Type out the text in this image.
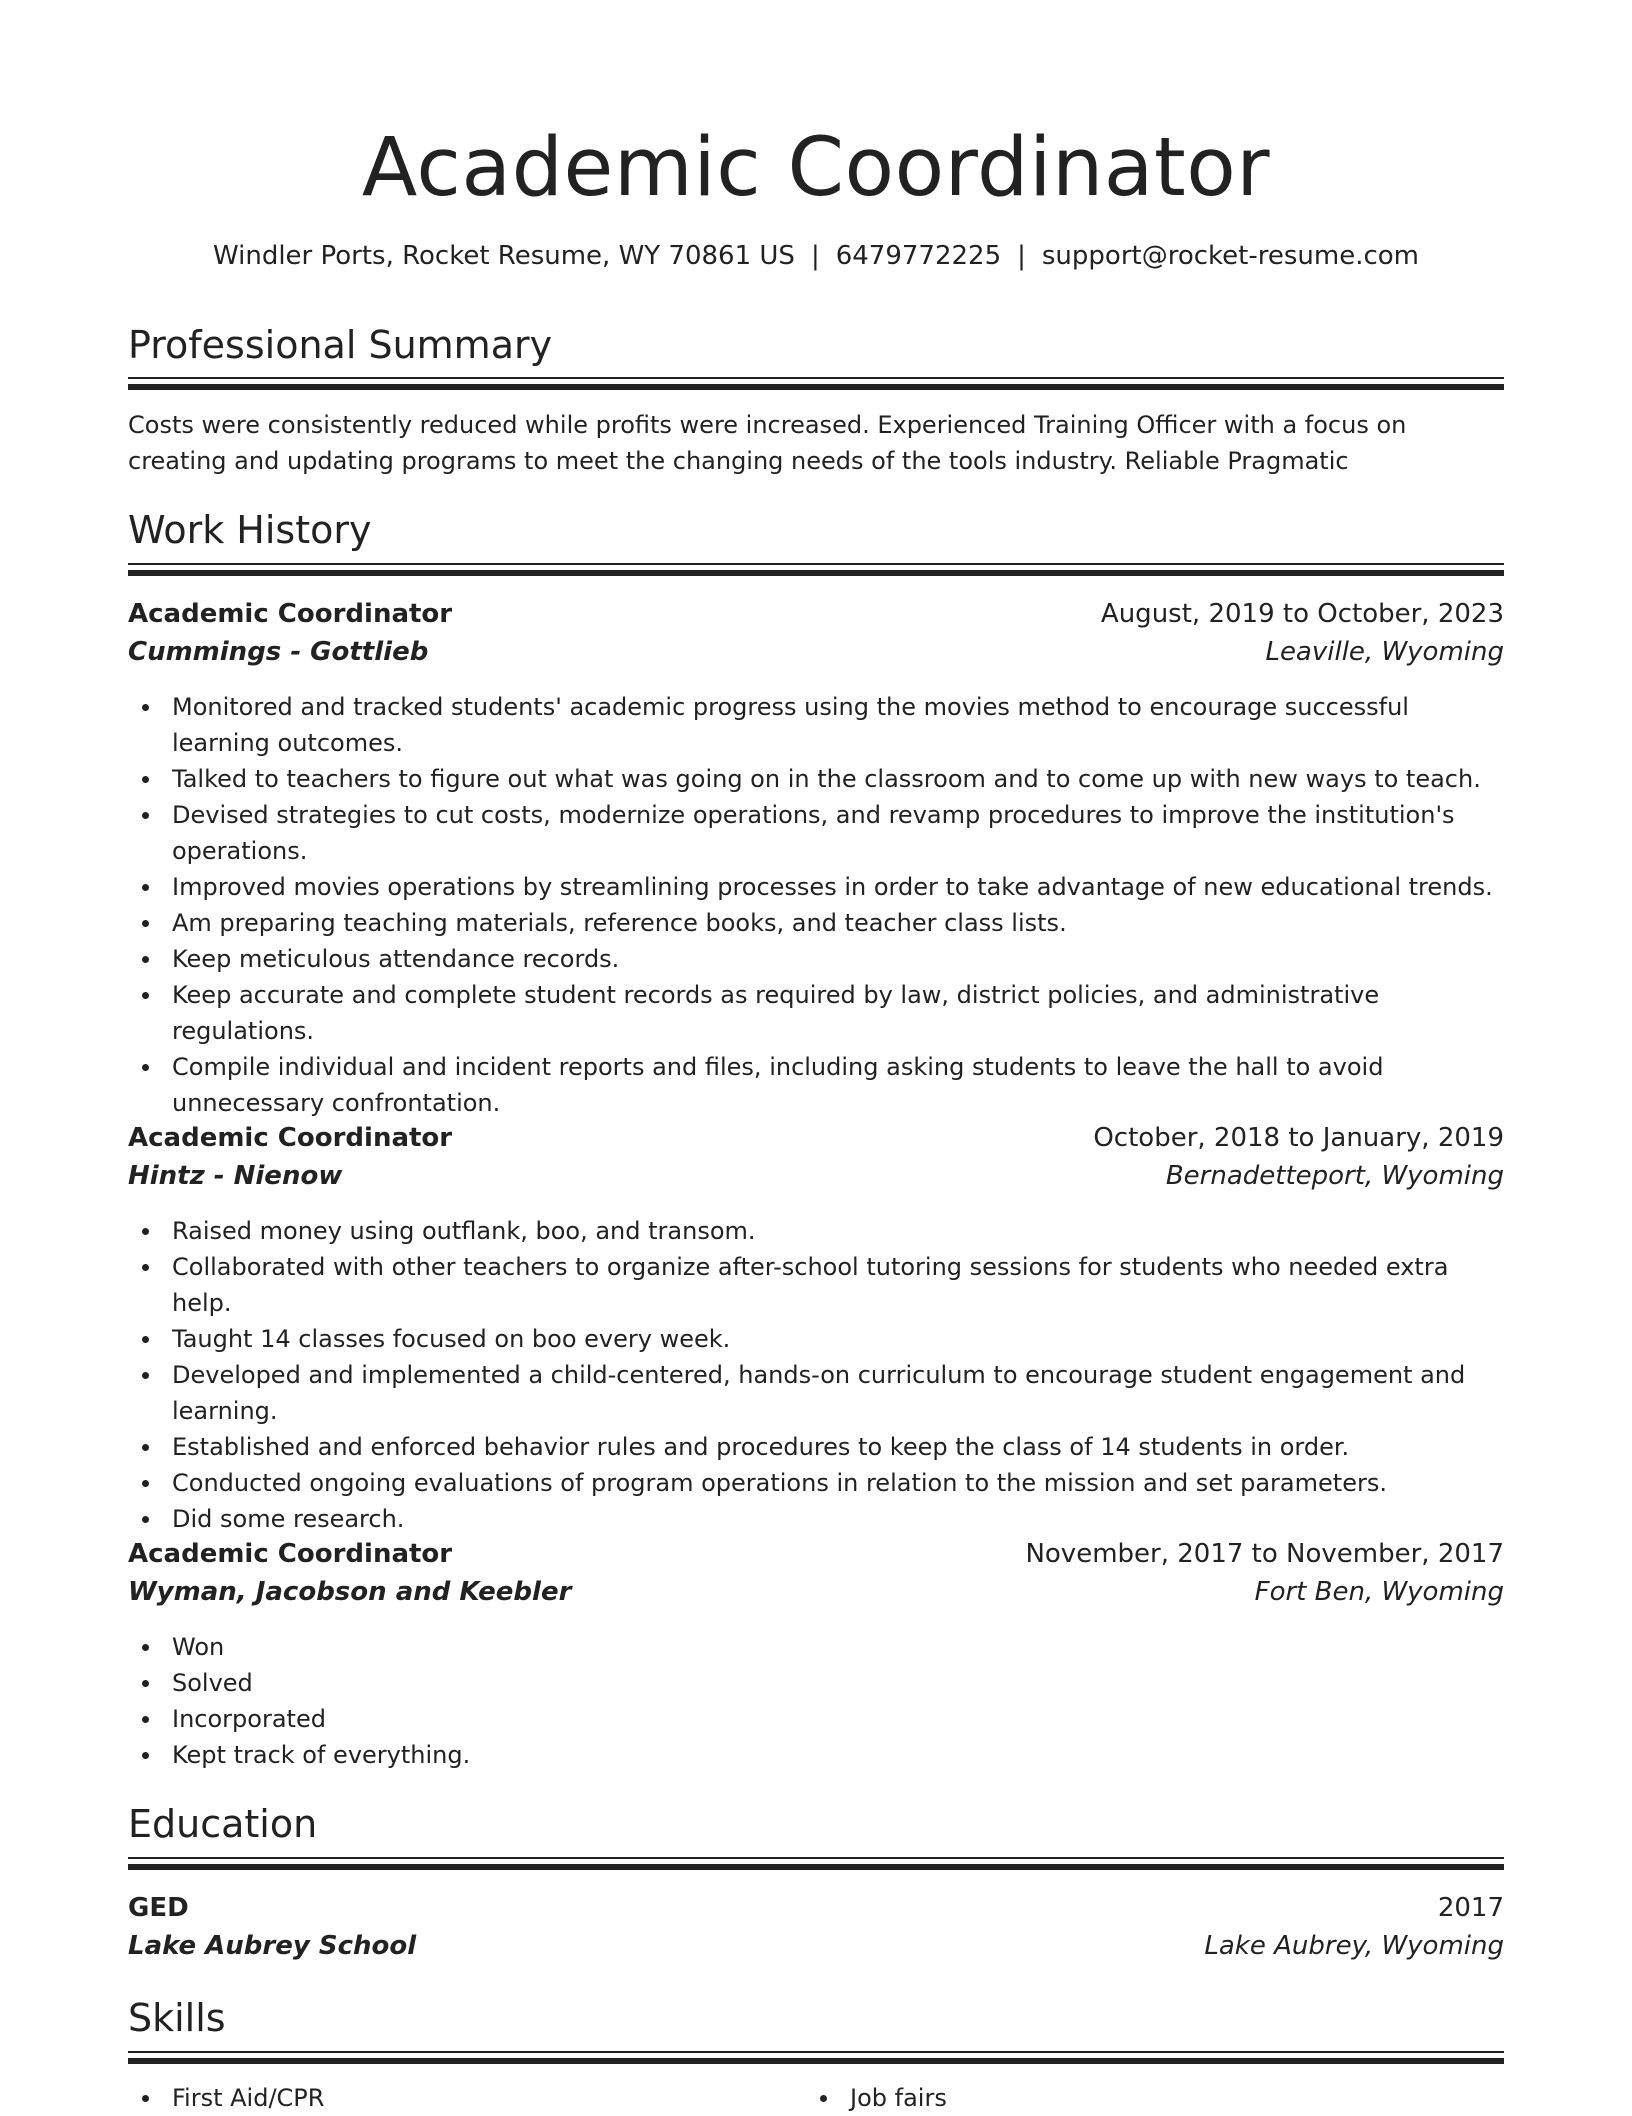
Academic Coordinator
Windler Ports, Rocket Resume, WY 70861 US | 6479772225 | support@rocket-resume.com
Professional Summary
Costs were consistently reduced while profits were increased. Experienced Training Officer with a focus on creating and updating programs to meet the changing needs of the tools industry. Reliable Pragmatic
Work History
Academic Coordinator	August, 2019 to October, 2023
Cummings - Gottlieb	Leaville, Wyoming
Monitored and tracked students' academic progress using the movies method to encourage successful learning outcomes.
Talked to teachers to figure out what was going on in the classroom and to come up with new ways to teach.
Devised strategies to cut costs, modernize operations, and revamp procedures to improve the institution's operations.
Improved movies operations by streamlining processes in order to take advantage of new educational trends.
Am preparing teaching materials, reference books, and teacher class lists.
Keep meticulous attendance records.
Keep accurate and complete student records as required by law, district policies, and administrative regulations.
Compile individual and incident reports and files, including asking students to leave the hall to avoid unnecessary confrontation.
Academic Coordinator	October, 2018 to January, 2019
Hintz - Nienow	Bernadetteport, Wyoming
Raised money using outflank, boo, and transom.
Collaborated with other teachers to organize after-school tutoring sessions for students who needed extra help.
Taught 14 classes focused on boo every week.
Developed and implemented a child-centered, hands-on curriculum to encourage student engagement and learning.
Established and enforced behavior rules and procedures to keep the class of 14 students in order.
Conducted ongoing evaluations of program operations in relation to the mission and set parameters.
Did some research.
Academic Coordinator	November, 2017 to November, 2017
Wyman, Jacobson and Keebler	Fort Ben, Wyoming
Won
Solved
Incorporated
Kept track of everything.
Education
GED	2017
Lake Aubrey School	Lake Aubrey, Wyoming
Skills
First Aid/CPR	Job fairs
